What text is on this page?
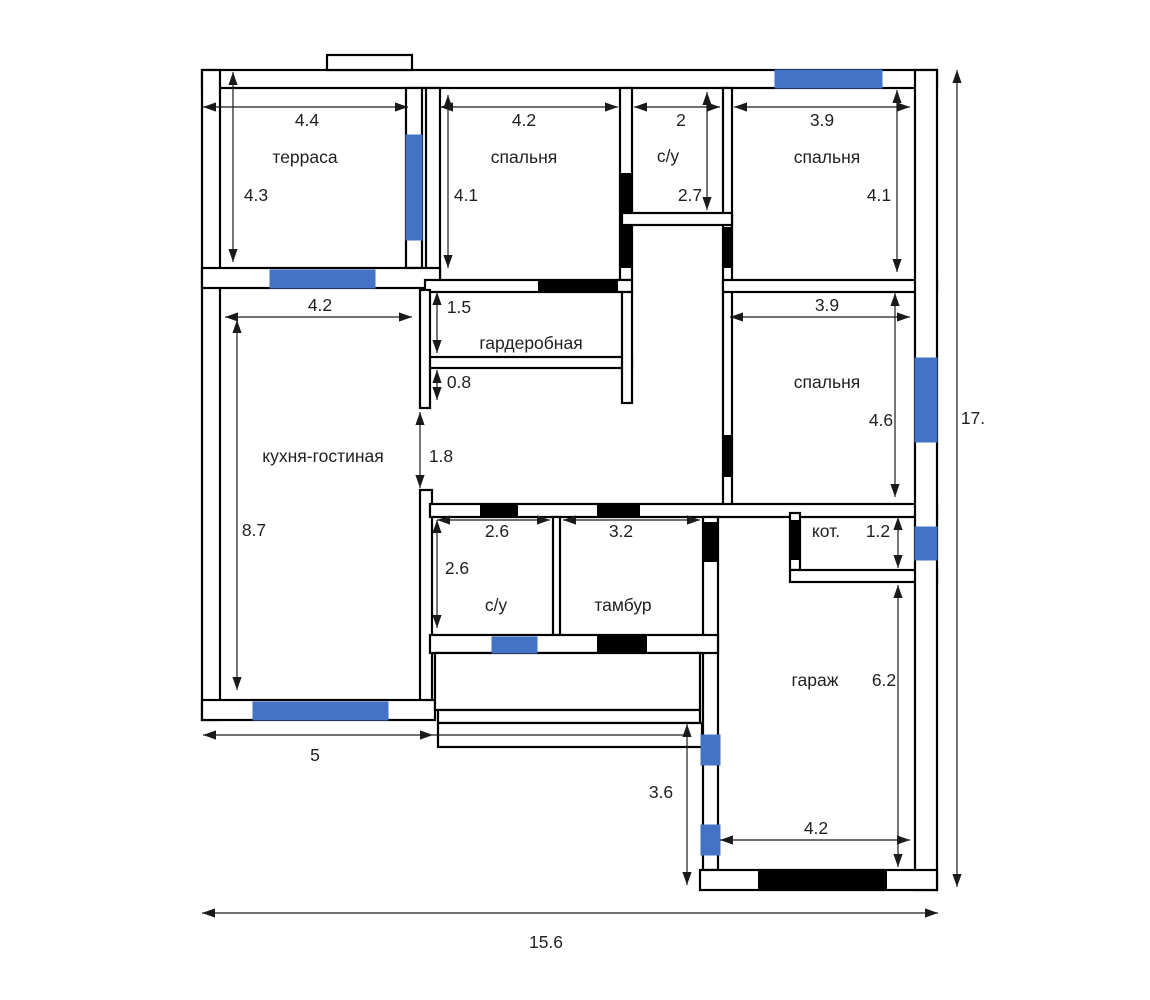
4.4
4.3
4.2
4.1
2
2.7
3.9
4.1
1.5
0.8
4.2	3.9
1.8
4.6
8.7	2.6	3.2	1.2
2.6
6.2
5
3.6
4.2
17.
15.6
терраса	спальня	с/у	спальня
гардеробная
кухня-гостиная
спальня
кот.
с/у	тамбур
гараж
